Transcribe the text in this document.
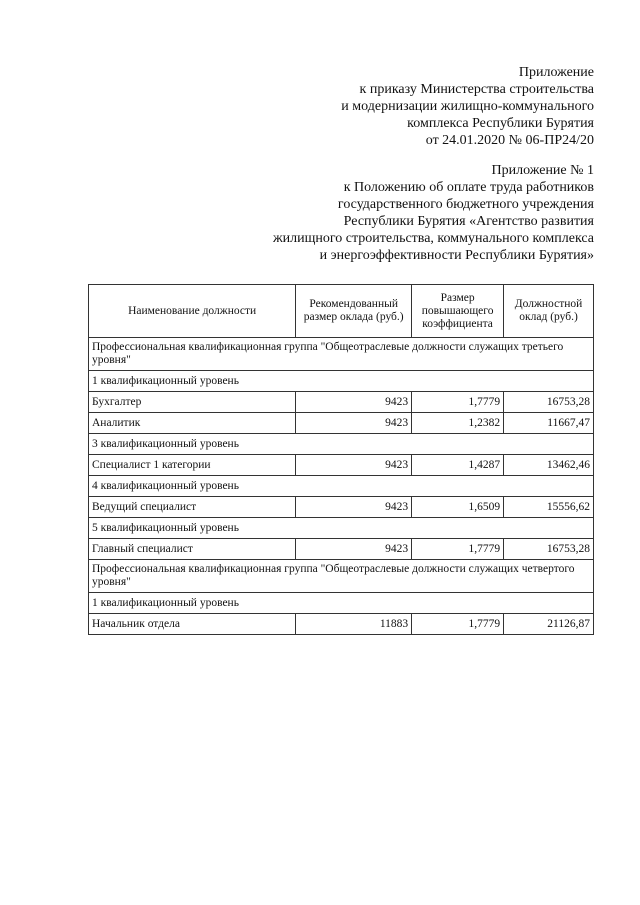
Приложение
к приказу Министерства строительства
и модернизации жилищно-коммунального
комплекса Республики Бурятия
от 24.01.2020 № 06-ПР24/20
Приложение № 1
к Положению об оплате труда работников
государственного бюджетного учреждения
Республики Бурятия «Агентство развития
жилищного строительства, коммунального комплекса
и энергоэффективности Республики Бурятия»
Наименование должности	Рекомендованный размер оклада (руб.)	Размер повышающего коэффициента	Должностной оклад (руб.)
Профессиональная квалификационная группа "Общеотраслевые должности служащих третьего уровня"			
1 квалификационный уровень			
Бухгалтер	9423	1,7779	16753,28
Аналитик	9423	1,2382	11667,47
3 квалификационный уровень			
Специалист 1 категории	9423	1,4287	13462,46
4 квалификационный уровень			
Ведущий специалист	9423	1,6509	15556,62
5 квалификационный уровень			
Главный специалист	9423	1,7779	16753,28
Профессиональная квалификационная группа "Общеотраслевые должности служащих четвертого уровня"			
1 квалификационный уровень			
Начальник отдела	11883	1,7779	21126,87
